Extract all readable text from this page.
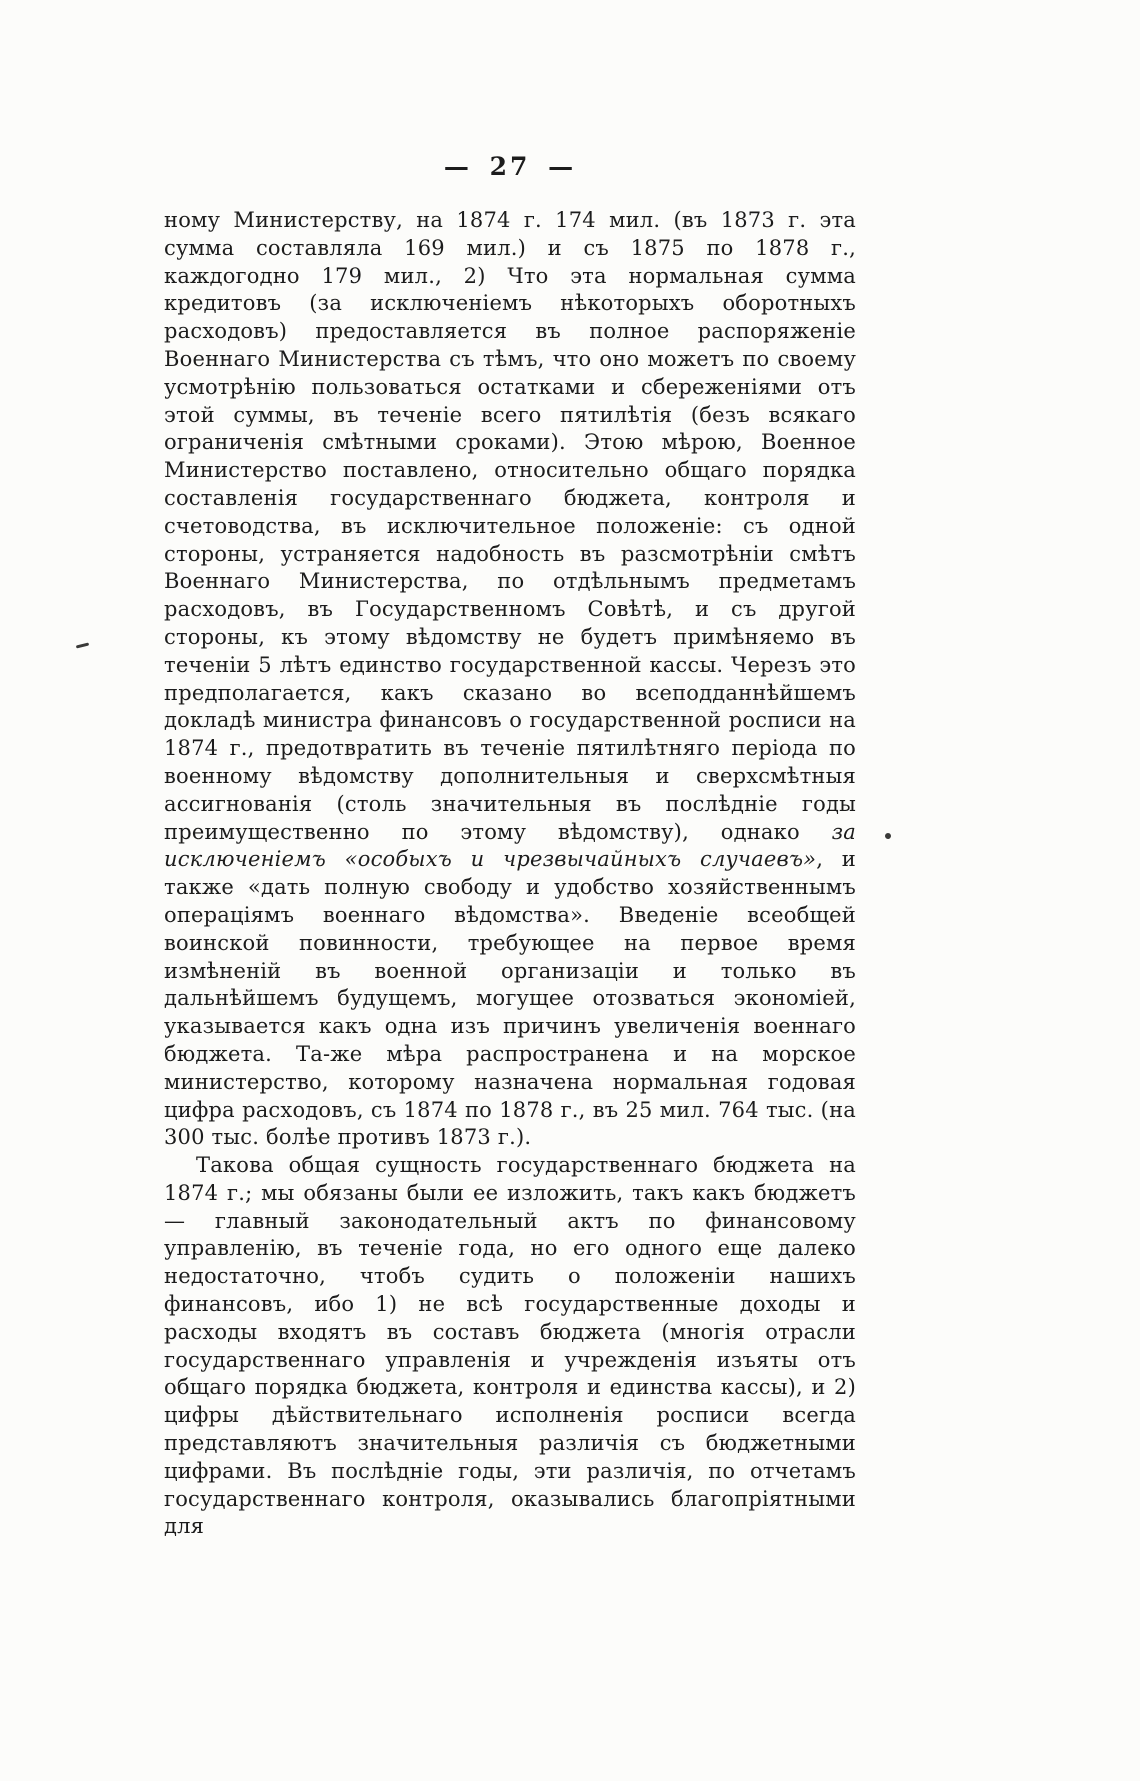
— 27 —

ному Министерству, на 1874 г. 174 мил. (въ 1873 г. эта сумма составляла 169 мил.) и съ 1875 по 1878 г., каждогодно 179 мил., 2) Что эта нормальная сумма кредитовъ (за исключеніемъ нѣкоторыхъ оборотныхъ расходовъ) предоставляется въ полное распоряженіе Военнаго Министерства съ тѣмъ, что оно можетъ по своему усмотрѣнію пользоваться остатками и сбереженіями отъ этой суммы, въ теченіе всего пятилѣтія (безъ всякаго ограниченія смѣтными сроками). Этою мѣрою, Военное Министерство поставлено, относительно общаго порядка составленія государственнаго бюджета, контроля и счетоводства, въ исключительное положеніе: съ одной стороны, устраняется надобность въ разсмотрѣніи смѣтъ Военнаго Министерства, по отдѣльнымъ предметамъ расходовъ, въ Государственномъ Совѣтѣ, и съ другой стороны, къ этому вѣдомству не будетъ примѣняемо въ теченіи 5 лѣтъ единство государственной кассы. Черезъ это предполагается, какъ сказано во всеподданнѣйшемъ докладѣ министра финансовъ о государственной росписи на 1874 г., предотвратить въ теченіе пятилѣтняго періода по военному вѣдомству дополнительныя и сверхсмѣтныя ассигнованія (столь значительныя въ послѣдніе годы преимущественно по этому вѣдомству), однако за исключеніемъ «особыхъ и чрезвычайныхъ случаевъ», и также «дать полную свободу и удобство хозяйственнымъ операціямъ военнаго вѣдомства». Введеніе всеобщей воинской повинности, требующее на первое время измѣненій въ военной организаціи и только въ дальнѣйшемъ будущемъ, могущее отозваться экономіей, указывается какъ одна изъ причинъ увеличенія военнаго бюджета. Та-же мѣра распространена и на морское министерство, которому назначена нормальная годовая цифра расходовъ, съ 1874 по 1878 г., въ 25 мил. 764 тыс. (на 300 тыс. болѣе противъ 1873 г.).

Такова общая сущность государственнаго бюджета на 1874 г.; мы обязаны были ее изложить, такъ какъ бюджетъ — главный законодательный актъ по финансовому управленію, въ теченіе года, но его одного еще далеко недостаточно, чтобъ судить о положеніи нашихъ финансовъ, ибо 1) не всѣ государственные доходы и расходы входятъ въ составъ бюджета (многія отрасли государственнаго управленія и учрежденія изъяты отъ общаго порядка бюджета, контроля и единства кассы), и 2) цифры дѣйствительнаго исполненія росписи всегда представляютъ значительныя различія съ бюджетными цифрами. Въ послѣдніе годы, эти различія, по отчетамъ государственнаго контроля, оказывались благопріятными для
